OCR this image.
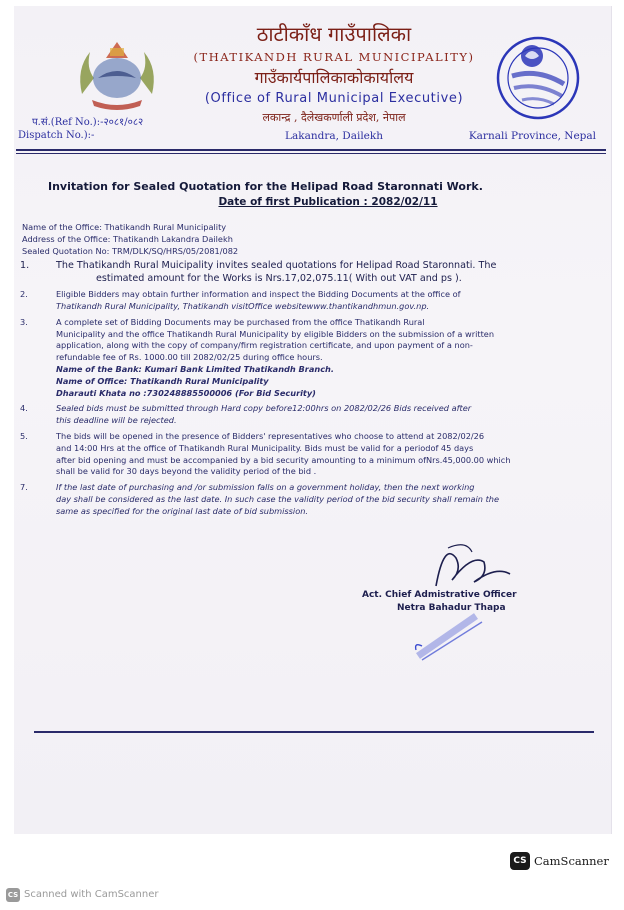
ठाटीकाँध गाउँपालिका
(THATIKANDH RURAL MUNICIPALITY)
गाउँकार्यपालिकाकोकार्यालय
(Office of Rural Municipal Executive)
लकान्द्र , दैलेखकर्णाली प्रदेश, नेपाल
प.सं.(Ref No.):-२०८१/०८२
Dispatch No.):-	Lakandra, Dailekh	Karnali Province, Nepal
Invitation for Sealed Quotation for the Helipad Road Staronnati Work.
Date of first Publication : 2082/02/11
Name of the Office: Thatikandh Rural Municipality
Address of the Office: Thatikandh Lakandra Dailekh
Sealed Quotation No: TRM/DLK/SQ/HRS/05/2081/082
1.	The Thatikandh Rural Muicipality invites sealed quotations for Helipad Road Staronnati. The
estimated amount for the Works is Nrs.17,02,075.11( With out VAT and ps ).
2.	Eligible Bidders may obtain further information and inspect the Bidding Documents at the office of
Thatikandh Rural Municipality, Thatikandh visitOffice websitewww.thantikandhmun.gov.np.
3.	A complete set of Bidding Documents may be purchased from the office Thatikandh Rural
Municipality and the office Thatikandh Rural Municipality by eligible Bidders on the submission of a written
application, along with the copy of company/firm registration certificate, and upon payment of a non-
refundable fee of Rs. 1000.00 till 2082/02/25 during office hours.
Name of the Bank: Kumari Bank Limited Thatikandh Branch.
Name of Office: Thatikandh Rural Municipality
Dharauti Khata no :730248885500006 (For Bid Security)
4.	Sealed bids must be submitted through Hard copy before12:00hrs on 2082/02/26 Bids received after
this deadline will be rejected.
5.	The bids will be opened in the presence of Bidders' representatives who choose to attend at 2082/02/26
and 14:00 Hrs at the office of Thatikandh Rural Municipality. Bids must be valid for a periodof 45 days
after bid opening and must be accompanied by a bid security amounting to a minimum ofNrs.45,000.00 which
shall be valid for 30 days beyond the validity period of the bid .
7.	If the last date of purchasing and /or submission falls on a government holiday, then the next working
day shall be considered as the last date. In such case the validity period of the bid security shall remain the
same as specified for the original last date of bid submission.
Act. Chief Admistrative Officer
Netra Bahadur Thapa
CS CamScanner
CS Scanned with CamScanner
